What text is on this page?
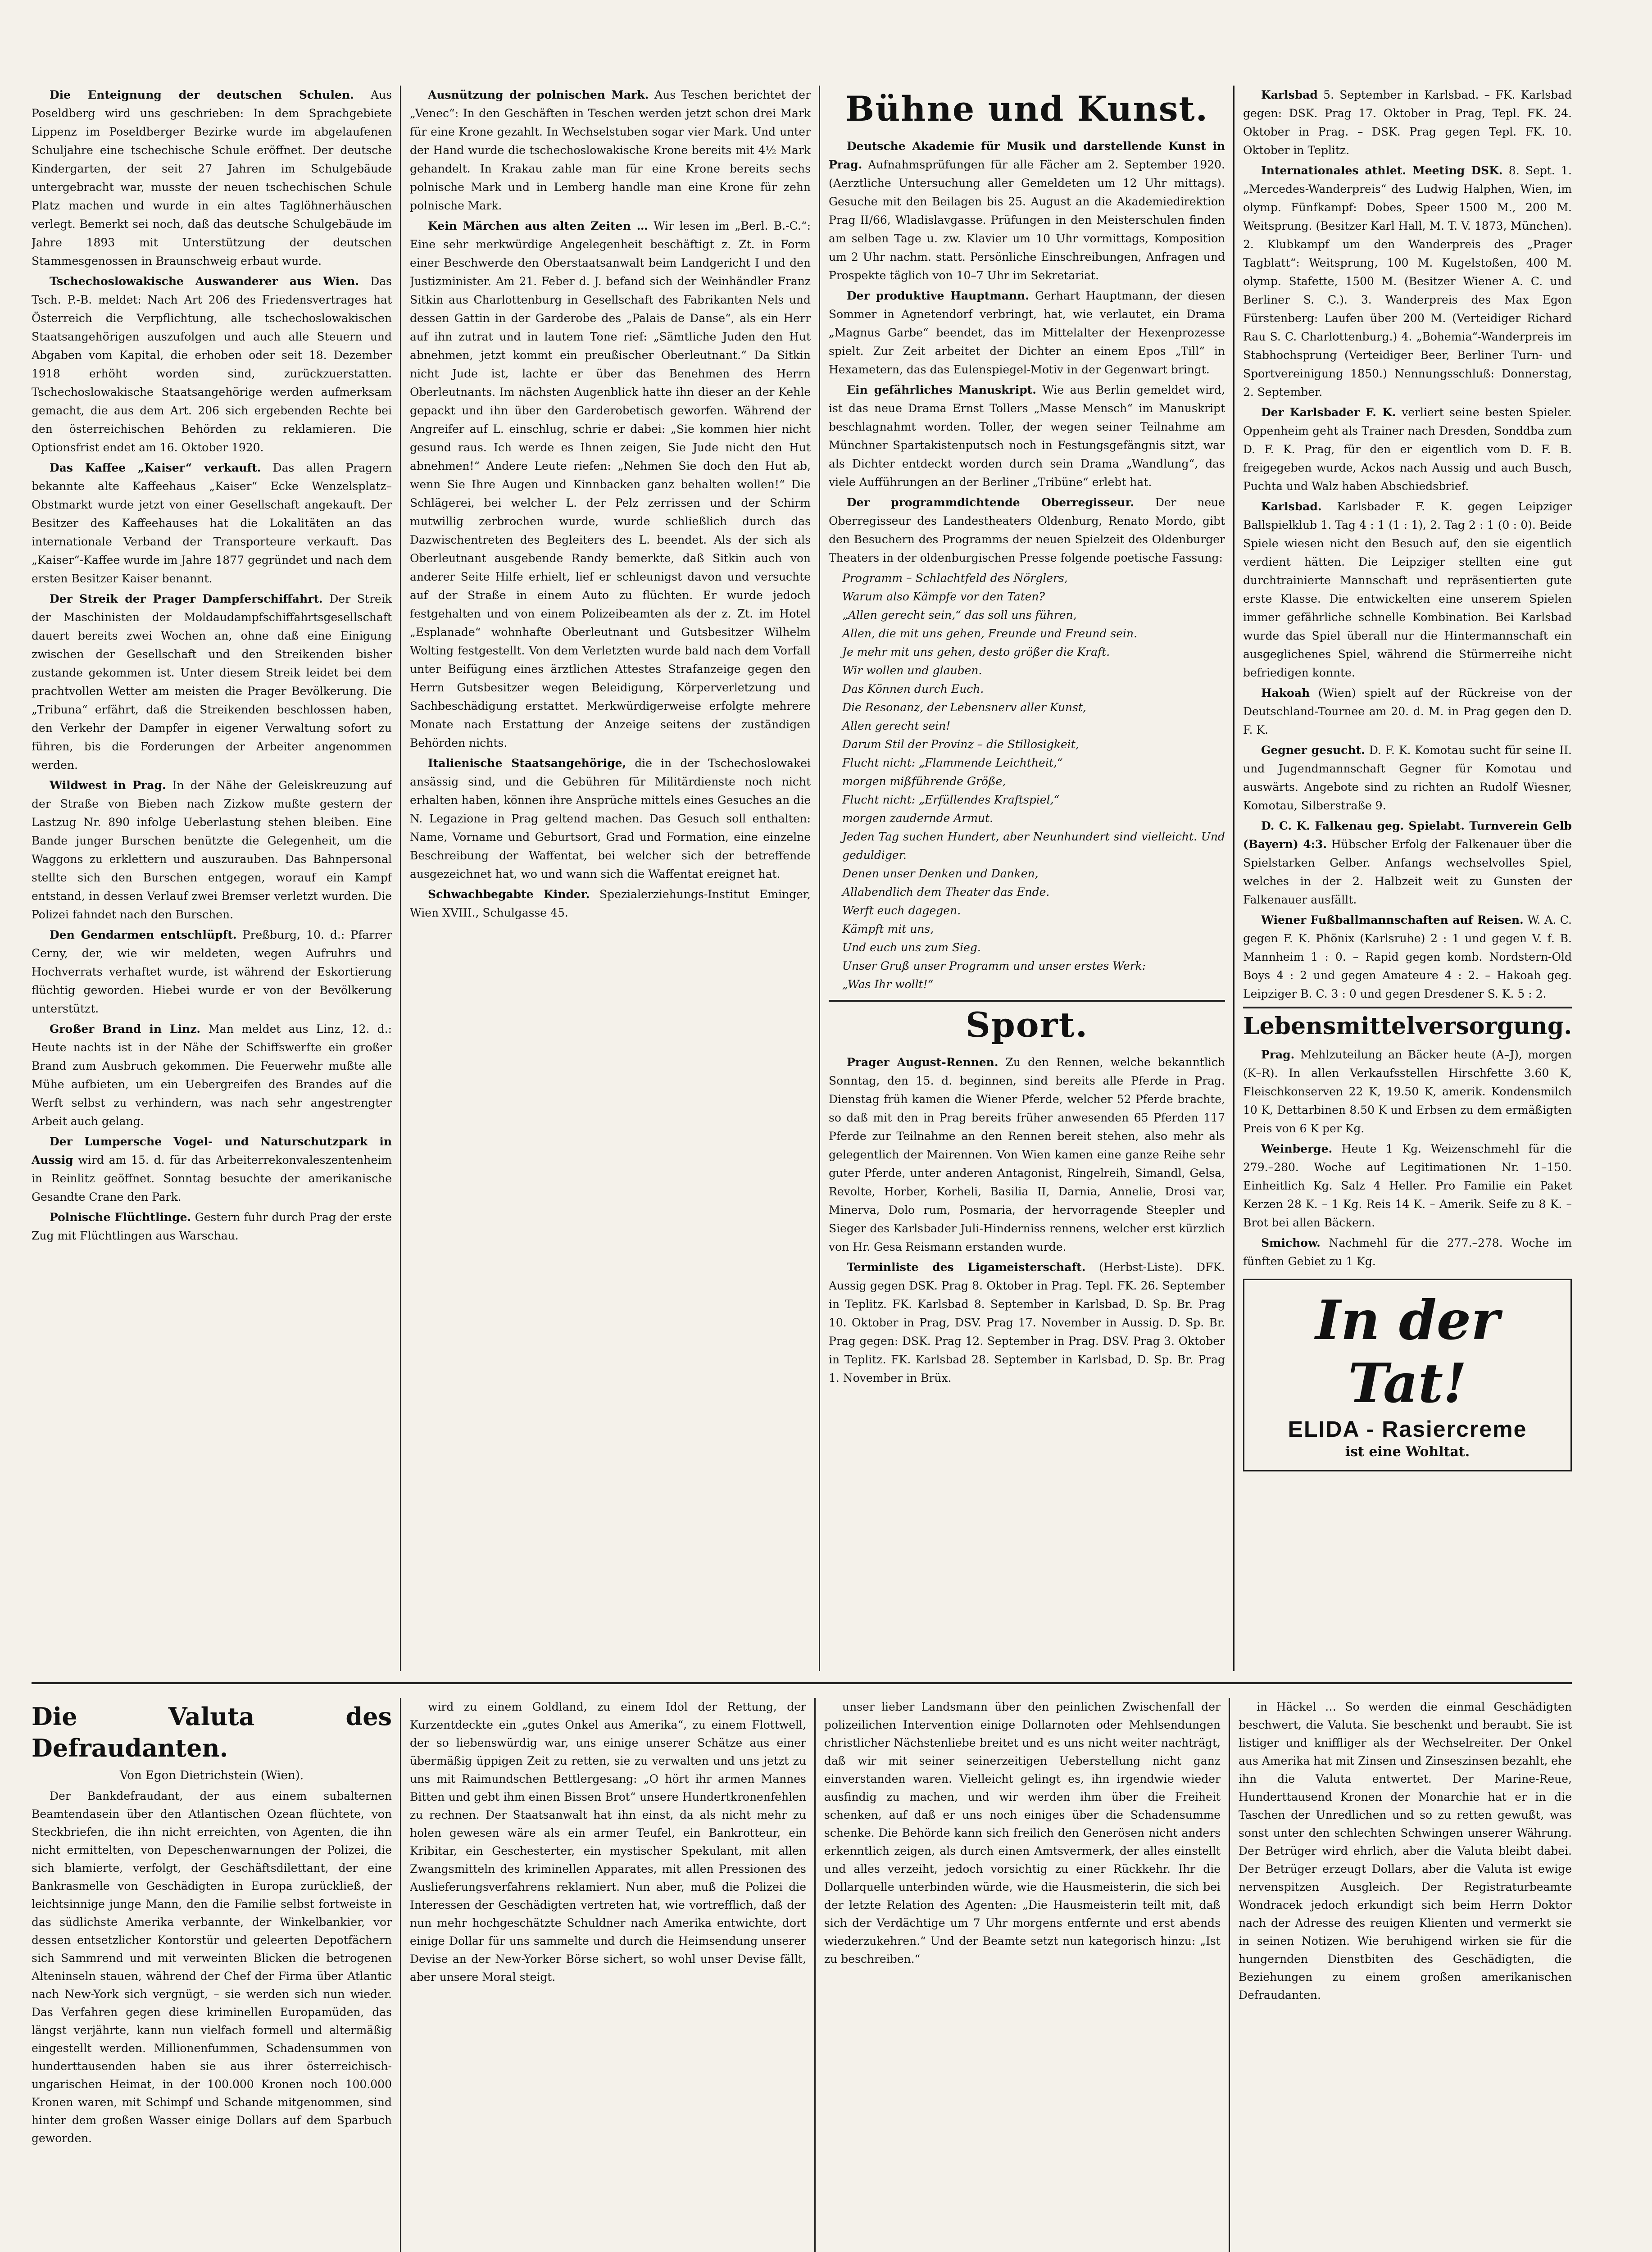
Die Enteignung der deutschen Schulen. Aus Poseldberg wird uns geschrieben: In dem Sprachgebiete Lippenz im Poseldberger Bezirke wurde im abgelaufenen Schuljahre eine tschechische Schule eröffnet. Der deutsche Kindergarten, der seit 27 Jahren im Schulgebäude untergebracht war, musste der neuen tschechischen Schule Platz machen und wurde in ein altes Taglöhnerhäuschen verlegt. Bemerkt sei noch, daß das deutsche Schulgebäude im Jahre 1893 mit Unterstützung der deutschen Stammesgenossen in Braunschweig erbaut wurde.

Tschechoslowakische Auswanderer aus Wien. Das Tsch. P.-B. meldet: Nach Art 206 des Friedensvertrages hat Österreich die Verpflichtung, alle tschechoslowakischen Staatsangehörigen auszufolgen und auch alle Steuern und Abgaben vom Kapital, die erhoben oder seit 18. Dezember 1918 erhöht worden sind, zurückzuerstatten. Tschechoslowakische Staatsangehörige werden aufmerksam gemacht, die aus dem Art. 206 sich ergebenden Rechte bei den österreichischen Behörden zu reklamieren. Die Optionsfrist endet am 16. Oktober 1920.

Das Kaffee „Kaiser“ verkauft. Das allen Pragern bekannte alte Kaffeehaus „Kaiser“ Ecke Wenzelsplatz–Obstmarkt wurde jetzt von einer Gesellschaft angekauft. Der Besitzer des Kaffeehauses hat die Lokalitäten an das internationale Verband der Transporteure verkauft. Das „Kaiser“-Kaffee wurde im Jahre 1877 gegründet und nach dem ersten Besitzer Kaiser benannt.

Der Streik der Prager Dampferschiffahrt. Der Streik der Maschinisten der Moldaudampfschiffahrtsgesellschaft dauert bereits zwei Wochen an, ohne daß eine Einigung zwischen der Gesellschaft und den Streikenden bisher zustande gekommen ist. Unter diesem Streik leidet bei dem prachtvollen Wetter am meisten die Prager Bevölkerung. Die „Tribuna“ erfährt, daß die Streikenden beschlossen haben, den Verkehr der Dampfer in eigener Verwaltung sofort zu führen, bis die Forderungen der Arbeiter angenommen werden.

Wildwest in Prag. In der Nähe der Geleiskreuzung auf der Straße von Bieben nach Zizkow mußte gestern der Lastzug Nr. 890 infolge Ueberlastung stehen bleiben. Eine Bande junger Burschen benützte die Gelegenheit, um die Waggons zu erklettern und auszurauben. Das Bahnpersonal stellte sich den Burschen entgegen, worauf ein Kampf entstand, in dessen Verlauf zwei Bremser verletzt wurden. Die Polizei fahndet nach den Burschen.

Den Gendarmen entschlüpft. Preßburg, 10. d.: Pfarrer Cerny, der, wie wir meldeten, wegen Aufruhrs und Hochverrats verhaftet wurde, ist während der Eskortierung flüchtig geworden. Hiebei wurde er von der Bevölkerung unterstützt.

Großer Brand in Linz. Man meldet aus Linz, 12. d.: Heute nachts ist in der Nähe der Schiffswerfte ein großer Brand zum Ausbruch gekommen. Die Feuerwehr mußte alle Mühe aufbieten, um ein Uebergreifen des Brandes auf die Werft selbst zu verhindern, was nach sehr angestrengter Arbeit auch gelang.

Der Lumpersche Vogel- und Naturschutzpark in Aussig wird am 15. d. für das Arbeiterrekonvaleszentenheim in Reinlitz geöffnet. Sonntag besuchte der amerikanische Gesandte Crane den Park.

Polnische Flüchtlinge. Gestern fuhr durch Prag der erste Zug mit Flüchtlingen aus Warschau.

Ausnützung der polnischen Mark. Aus Teschen berichtet der „Venec“: In den Geschäften in Teschen werden jetzt schon drei Mark für eine Krone gezahlt. In Wechselstuben sogar vier Mark. Und unter der Hand wurde die tschechoslowakische Krone bereits mit 4½ Mark gehandelt. In Krakau zahle man für eine Krone bereits sechs polnische Mark und in Lemberg handle man eine Krone für zehn polnische Mark.

Kein Märchen aus alten Zeiten … Wir lesen im „Berl. B.-C.“: Eine sehr merkwürdige Angelegenheit beschäftigt z. Zt. in Form einer Beschwerde den Oberstaatsanwalt beim Landgericht I und den Justizminister. Am 21. Feber d. J. befand sich der Weinhändler Franz Sitkin aus Charlottenburg in Gesellschaft des Fabrikanten Nels und dessen Gattin in der Garderobe des „Palais de Danse“, als ein Herr auf ihn zutrat und in lautem Tone rief: „Sämtliche Juden den Hut abnehmen, jetzt kommt ein preußischer Oberleutnant.“ Da Sitkin nicht Jude ist, lachte er über das Benehmen des Herrn Oberleutnants. Im nächsten Augenblick hatte ihn dieser an der Kehle gepackt und ihn über den Garderobetisch geworfen. Während der Angreifer auf L. einschlug, schrie er dabei: „Sie kommen hier nicht gesund raus. Ich werde es Ihnen zeigen, Sie Jude nicht den Hut abnehmen!“ Andere Leute riefen: „Nehmen Sie doch den Hut ab, wenn Sie Ihre Augen und Kinnbacken ganz behalten wollen!“ Die Schlägerei, bei welcher L. der Pelz zerrissen und der Schirm mutwillig zerbrochen wurde, wurde schließlich durch das Dazwischentreten des Begleiters des L. beendet. Als der sich als Oberleutnant ausgebende Randy bemerkte, daß Sitkin auch von anderer Seite Hilfe erhielt, lief er schleunigst davon und versuchte auf der Straße in einem Auto zu flüchten. Er wurde jedoch festgehalten und von einem Polizeibeamten als der z. Zt. im Hotel „Esplanade“ wohnhafte Oberleutnant und Gutsbesitzer Wilhelm Wolting festgestellt. Von dem Verletzten wurde bald nach dem Vorfall unter Beifügung eines ärztlichen Attestes Strafanzeige gegen den Herrn Gutsbesitzer wegen Beleidigung, Körperverletzung und Sachbeschädigung erstattet. Merkwürdigerweise erfolgte mehrere Monate nach Erstattung der Anzeige seitens der zuständigen Behörden nichts.

Italienische Staatsangehörige, die in der Tschechoslowakei ansässig sind, und die Gebühren für Militärdienste noch nicht erhalten haben, können ihre Ansprüche mittels eines Gesuches an die N. Legazione in Prag geltend machen. Das Gesuch soll enthalten: Name, Vorname und Geburtsort, Grad und Formation, eine einzelne Beschreibung der Waffentat, bei welcher sich der betreffende ausgezeichnet hat, wo und wann sich die Waffentat ereignet hat.

Schwachbegabte Kinder. Spezialerziehungs-Institut Eminger, Wien XVIII., Schulgasse 45.

Bühne und Kunst.

Deutsche Akademie für Musik und darstellende Kunst in Prag. Aufnahmsprüfungen für alle Fächer am 2. September 1920. (Aerztliche Untersuchung aller Gemeldeten um 12 Uhr mittags). Gesuche mit den Beilagen bis 25. August an die Akademiedirektion Prag II/66, Wladislavgasse. Prüfungen in den Meisterschulen finden am selben Tage u. zw. Klavier um 10 Uhr vormittags, Komposition um 2 Uhr nachm. statt. Persönliche Einschreibungen, Anfragen und Prospekte täglich von 10–7 Uhr im Sekretariat.

Der produktive Hauptmann. Gerhart Hauptmann, der diesen Sommer in Agnetendorf verbringt, hat, wie verlautet, ein Drama „Magnus Garbe“ beendet, das im Mittelalter der Hexenprozesse spielt. Zur Zeit arbeitet der Dichter an einem Epos „Till“ in Hexametern, das das Eulenspiegel-Motiv in der Gegenwart bringt.

Ein gefährliches Manuskript. Wie aus Berlin gemeldet wird, ist das neue Drama Ernst Tollers „Masse Mensch“ im Manuskript beschlagnahmt worden. Toller, der wegen seiner Teilnahme am Münchner Spartakistenputsch noch in Festungsgefängnis sitzt, war als Dichter entdeckt worden durch sein Drama „Wandlung“, das viele Aufführungen an der Berliner „Tribüne“ erlebt hat.

Der programmdichtende Oberregisseur. Der neue Oberregisseur des Landestheaters Oldenburg, Renato Mordo, gibt den Besuchern des Programms der neuen Spielzeit des Oldenburger Theaters in der oldenburgischen Presse folgende poetische Fassung:

Programm – Schlachtfeld des Nörglers,
Warum also Kämpfe vor den Taten?
„Allen gerecht sein,“ das soll uns führen,
Allen, die mit uns gehen, Freunde und Freund sein.
Je mehr mit uns gehen, desto größer die Kraft.
Wir wollen und glauben.
Das Können durch Euch.
Die Resonanz, der Lebensnerv aller Kunst,
Allen gerecht sein!
Darum Stil der Provinz – die Stillosigkeit,
Flucht nicht: „Flammende Leichtheit,“
morgen mißführende Größe,
Flucht nicht: „Erfüllendes Kraftspiel,“
morgen zaudernde Armut.
Jeden Tag suchen Hundert, aber Neunhundert sind vielleicht. Und geduldiger.
Denen unser Denken und Danken,
Allabendlich dem Theater das Ende.
Werft euch dagegen.
Kämpft mit uns,
Und euch uns zum Sieg.
Unser Gruß unser Programm und unser erstes Werk:
„Was Ihr wollt!“
Sport.

Prager August-Rennen. Zu den Rennen, welche bekanntlich Sonntag, den 15. d. beginnen, sind bereits alle Pferde in Prag. Dienstag früh kamen die Wiener Pferde, welcher 52 Pferde brachte, so daß mit den in Prag bereits früher anwesenden 65 Pferden 117 Pferde zur Teilnahme an den Rennen bereit stehen, also mehr als gelegentlich der Mairennen. Von Wien kamen eine ganze Reihe sehr guter Pferde, unter anderen Antagonist, Ringelreih, Simandl, Gelsa, Revolte, Horber, Korheli, Basilia II, Darnia, Annelie, Drosi var, Minerva, Dolo rum, Posmaria, der hervorragende Steepler und Sieger des Karlsbader Juli-Hinderniss rennens, welcher erst kürzlich von Hr. Gesa Reismann erstanden wurde.

Terminliste des Ligameisterschaft. (Herbst-Liste). DFK. Aussig gegen DSK. Prag 8. Oktober in Prag. Tepl. FK. 26. September in Teplitz. FK. Karlsbad 8. September in Karlsbad, D. Sp. Br. Prag 10. Oktober in Prag, DSV. Prag 17. November in Aussig. D. Sp. Br. Prag gegen: DSK. Prag 12. September in Prag. DSV. Prag 3. Oktober in Teplitz. FK. Karlsbad 28. September in Karlsbad, D. Sp. Br. Prag 1. November in Brüx.

Karlsbad 5. September in Karlsbad. – FK. Karlsbad gegen: DSK. Prag 17. Oktober in Prag, Tepl. FK. 24. Oktober in Prag. – DSK. Prag gegen Tepl. FK. 10. Oktober in Teplitz.

Internationales athlet. Meeting DSK. 8. Sept. 1. „Mercedes-Wanderpreis“ des Ludwig Halphen, Wien, im olymp. Fünfkampf: Dobes, Speer 1500 M., 200 M. Weitsprung. (Besitzer Karl Hall, M. T. V. 1873, München). 2. Klubkampf um den Wanderpreis des „Prager Tagblatt“: Weitsprung, 100 M. Kugelstoßen, 400 M. olymp. Stafette, 1500 M. (Besitzer Wiener A. C. und Berliner S. C.). 3. Wanderpreis des Max Egon Fürstenberg: Laufen über 200 M. (Verteidiger Richard Rau S. C. Charlottenburg.) 4. „Bohemia“-Wanderpreis im Stabhochsprung (Verteidiger Beer, Berliner Turn- und Sportvereinigung 1850.) Nennungsschluß: Donnerstag, 2. September.

Der Karlsbader F. K. verliert seine besten Spieler. Oppenheim geht als Trainer nach Dresden, Sonddba zum D. F. K. Prag, für den er eigentlich vom D. F. B. freigegeben wurde, Ackos nach Aussig und auch Busch, Puchta und Walz haben Abschiedsbrief.

Karlsbad. Karlsbader F. K. gegen Leipziger Ballspielklub 1. Tag 4 : 1 (1 : 1), 2. Tag 2 : 1 (0 : 0). Beide Spiele wiesen nicht den Besuch auf, den sie eigentlich verdient hätten. Die Leipziger stellten eine gut durchtrainierte Mannschaft und repräsentierten gute erste Klasse. Die entwickelten eine unserem Spielen immer gefährliche schnelle Kombination. Bei Karlsbad wurde das Spiel überall nur die Hintermannschaft ein ausgeglichenes Spiel, während die Stürmerreihe nicht befriedigen konnte.

Hakoah (Wien) spielt auf der Rückreise von der Deutschland-Tournee am 20. d. M. in Prag gegen den D. F. K.

Gegner gesucht. D. F. K. Komotau sucht für seine II. und Jugendmannschaft Gegner für Komotau und auswärts. Angebote sind zu richten an Rudolf Wiesner, Komotau, Silberstraße 9.

D. C. K. Falkenau geg. Spielabt. Turnverein Gelb (Bayern) 4:3. Hübscher Erfolg der Falkenauer über die Spielstarken Gelber. Anfangs wechselvolles Spiel, welches in der 2. Halbzeit weit zu Gunsten der Falkenauer ausfällt.

Wiener Fußballmannschaften auf Reisen. W. A. C. gegen F. K. Phönix (Karlsruhe) 2 : 1 und gegen V. f. B. Mannheim 1 : 0. – Rapid gegen komb. Nordstern-Old Boys 4 : 2 und gegen Amateure 4 : 2. – Hakoah geg. Leipziger B. C. 3 : 0 und gegen Dresdener S. K. 5 : 2.

Lebensmittelversorgung.

Prag. Mehlzuteilung an Bäcker heute (A–J), morgen (K–R). In allen Verkaufsstellen Hirschfette 3.60 K, Fleischkonserven 22 K, 19.50 K, amerik. Kondensmilch 10 K, Dettarbinen 8.50 K und Erbsen zu dem ermäßigten Preis von 6 K per Kg.

Weinberge. Heute 1 Kg. Weizenschmehl für die 279.–280. Woche auf Legitimationen Nr. 1–150. Einheitlich Kg. Salz 4 Heller. Pro Familie ein Paket Kerzen 28 K. – 1 Kg. Reis 14 K. – Amerik. Seife zu 8 K. – Brot bei allen Bäckern.

Smichow. Nachmehl für die 277.–278. Woche im fünften Gebiet zu 1 Kg.

In der Tat!
ELIDA - Rasiercreme
ist eine Wohltat.
Die Valuta des Defraudanten.
Von Egon Dietrichstein (Wien).

Der Bankdefraudant, der aus einem subalternen Beamtendasein über den Atlantischen Ozean flüchtete, von Steckbriefen, die ihn nicht erreichten, von Agenten, die ihn nicht ermittelten, von Depeschenwarnungen der Polizei, die sich blamierte, verfolgt, der Geschäftsdilettant, der eine Bankrasmelle von Geschädigten in Europa zurückließ, der leichtsinnige junge Mann, den die Familie selbst fortweiste in das südlichste Amerika verbannte, der Winkelbankier, vor dessen entsetzlicher Kontorstür und geleerten Depotfächern sich Sammrend und mit verweinten Blicken die betrogenen Alteninseln stauen, während der Chef der Firma über Atlantic nach New-York sich vergnügt, – sie werden sich nun wieder. Das Verfahren gegen diese kriminellen Europamüden, das längst verjährte, kann nun vielfach formell und altermäßig eingestellt werden. Millionenfummen, Schadensummen von hunderttausenden haben sie aus ihrer österreichisch-ungarischen Heimat, in der 100.000 Kronen noch 100.000 Kronen waren, mit Schimpf und Schande mitgenommen, sind hinter dem großen Wasser einige Dollars auf dem Sparbuch geworden.

wird zu einem Goldland, zu einem Idol der Rettung, der Kurzentdeckte ein „gutes Onkel aus Amerika“, zu einem Flottwell, der so liebenswürdig war, uns einige unserer Schätze aus einer übermäßig üppigen Zeit zu retten, sie zu verwalten und uns jetzt zu uns mit Raimundschen Bettlergesang: „O hört ihr armen Mannes Bitten und gebt ihm einen Bissen Brot“ unsere Hundertkronenfehlen zu rechnen. Der Staatsanwalt hat ihn einst, da als nicht mehr zu holen gewesen wäre als ein armer Teufel, ein Bankrotteur, ein Kribitar, ein Geschesterter, ein mystischer Spekulant, mit allen Zwangsmitteln des kriminellen Apparates, mit allen Pressionen des Auslieferungsverfahrens reklamiert. Nun aber, muß die Polizei die Interessen der Geschädigten vertreten hat, wie vortrefflich, daß der nun mehr hochgeschätzte Schuldner nach Amerika entwichte, dort einige Dollar für uns sammelte und durch die Heimsendung unserer Devise an der New-Yorker Börse sichert, so wohl unser Devise fällt, aber unsere Moral steigt.

unser lieber Landsmann über den peinlichen Zwischenfall der polizeilichen Intervention einige Dollarnoten oder Mehlsendungen christlicher Nächstenliebe breitet und es uns nicht weiter nachträgt, daß wir mit seiner seinerzeitigen Ueberstellung nicht ganz einverstanden waren. Vielleicht gelingt es, ihn irgendwie wieder ausfindig zu machen, und wir werden ihm über die Freiheit schenken, auf daß er uns noch einiges über die Schadensumme schenke. Die Behörde kann sich freilich den Generösen nicht anders erkenntlich zeigen, als durch einen Amtsvermerk, der alles einstellt und alles verzeiht, jedoch vorsichtig zu einer Rückkehr. Ihr die Dollarquelle unterbinden würde, wie die Hausmeisterin, die sich bei der letzte Relation des Agenten: „Die Hausmeisterin teilt mit, daß sich der Verdächtige um 7 Uhr morgens entfernte und erst abends wiederzukehren.“ Und der Beamte setzt nun kategorisch hinzu: „Ist zu beschreiben.“

in Häckel … So werden die einmal Geschädigten beschwert, die Valuta. Sie beschenkt und beraubt. Sie ist listiger und kniffliger als der Wechselreiter. Der Onkel aus Amerika hat mit Zinsen und Zinseszinsen bezahlt, ehe ihn die Valuta entwertet. Der Marine-Reue, Hunderttausend Kronen der Monarchie hat er in die Taschen der Unredlichen und so zu retten gewußt, was sonst unter den schlechten Schwingen unserer Währung. Der Betrüger wird ehrlich, aber die Valuta bleibt dabei. Der Betrüger erzeugt Dollars, aber die Valuta ist ewige nervenspitzen Ausgleich. Der Registraturbeamte Wondracek jedoch erkundigt sich beim Herrn Doktor nach der Adresse des reuigen Klienten und vermerkt sie in seinen Notizen. Wie beruhigend wirken sie für die hungernden Dienstbiten des Geschädigten, die Beziehungen zu einem großen amerikanischen Defraudanten.
